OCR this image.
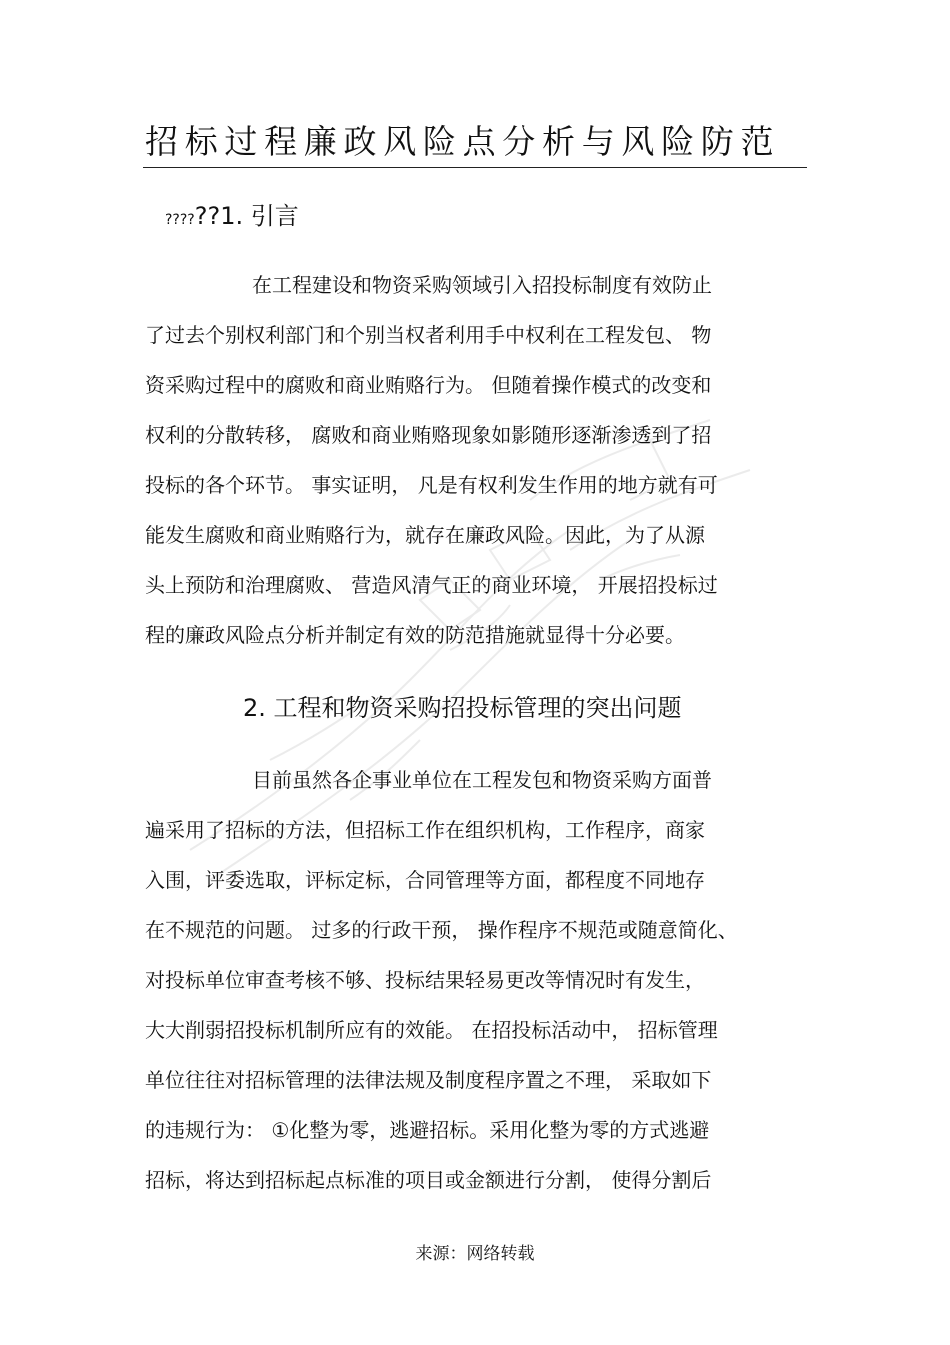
招标过程廉政风险点分析与风险防范
??????1. 引言
在工程建设和物资采购领域引入招投标制度有效防止
了过去个别权利部门和个别当权者利用手中权利在工程发包、 物
资采购过程中的腐败和商业贿赂行为。 但随着操作模式的改变和
权利的分散转移， 腐败和商业贿赂现象如影随形逐渐渗透到了招
投标的各个环节。 事实证明， 凡是有权利发生作用的地方就有可
能发生腐败和商业贿赂行为，就存在廉政风险。因此，为了从源
头上预防和治理腐败、 营造风清气正的商业环境， 开展招投标过
程的廉政风险点分析并制定有效的防范措施就显得十分必要。
2. 工程和物资采购招投标管理的突出问题
目前虽然各企事业单位在工程发包和物资采购方面普
遍采用了招标的方法，但招标工作在组织机构，工作程序，商家
入围，评委选取，评标定标，合同管理等方面，都程度不同地存
在不规范的问题。 过多的行政干预， 操作程序不规范或随意简化、
对投标单位审查考核不够、投标结果轻易更改等情况时有发生，
大大削弱招投标机制所应有的效能。 在招投标活动中， 招标管理
单位往往对招标管理的法律法规及制度程序置之不理， 采取如下
的违规行为： ①化整为零，逃避招标。采用化整为零的方式逃避
招标，将达到招标起点标准的项目或金额进行分割， 使得分割后
来源：网络转载
